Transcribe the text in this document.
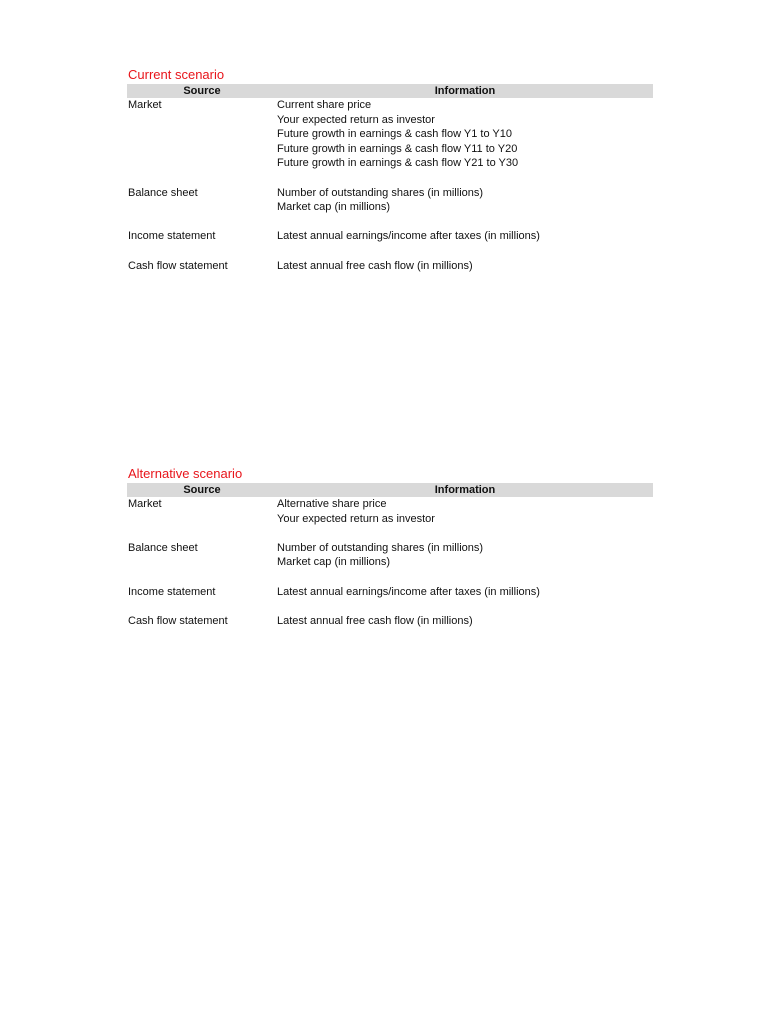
Current scenario
Source	Information
Market	Current share price
Your expected return as investor
Future growth in earnings & cash flow Y1 to Y10
Future growth in earnings & cash flow Y11 to Y20
Future growth in earnings & cash flow Y21 to Y30
Balance sheet	Number of outstanding shares (in millions)
Market cap (in millions)
Income statement	Latest annual earnings/income after taxes (in millions)
Cash flow statement	Latest annual free cash flow (in millions)
Alternative scenario
Source	Information
Market	Alternative share price
Your expected return as investor
Balance sheet	Number of outstanding shares (in millions)
Market cap (in millions)
Income statement	Latest annual earnings/income after taxes (in millions)
Cash flow statement	Latest annual free cash flow (in millions)
